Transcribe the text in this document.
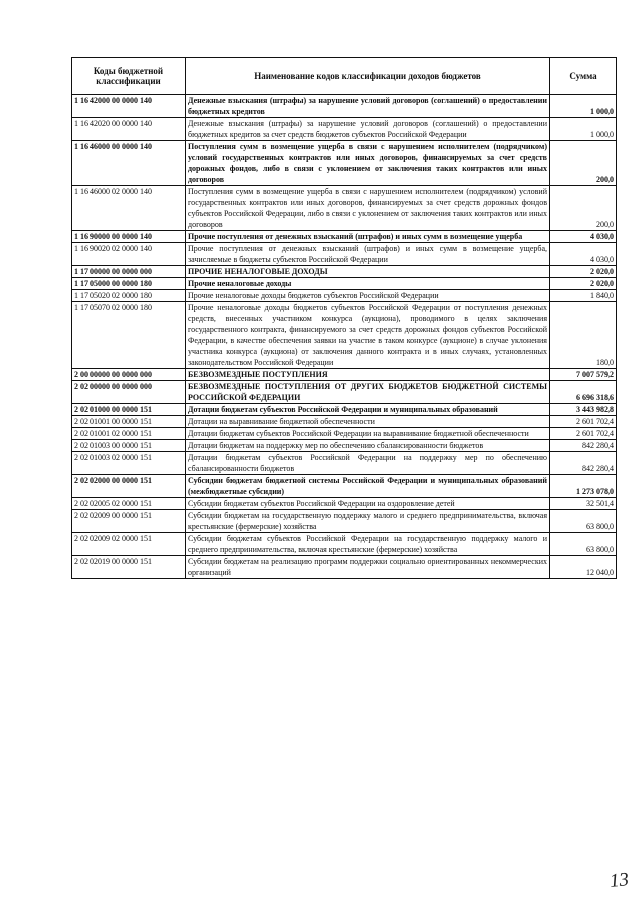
Коды бюджетной классификации	Наименование кодов классификации доходов бюджетов	Сумма
1 16 42000 00 0000 140	Денежные взыскания (штрафы) за нарушение условий договоров (соглашений) о предоставлении бюджетных кредитов	1 000,0
1 16 42020 00 0000 140	Денежные взыскания (штрафы) за нарушение условий договоров (соглашений) о предоставлении бюджетных кредитов за счет средств бюджетов субъектов Российской Федерации	1 000,0
1 16 46000 00 0000 140	Поступления сумм в возмещение ущерба в связи с нарушением исполнителем (подрядчиком) условий государственных контрактов или иных договоров, финансируемых за счет средств дорожных фондов, либо в связи с уклонением от заключения таких контрактов или иных договоров	200,0
1 16 46000 02 0000 140	Поступления сумм в возмещение ущерба в связи с нарушением исполнителем (подрядчиком) условий государственных контрактов или иных договоров, финансируемых за счет средств дорожных фондов субъектов Российской Федерации, либо в связи с уклонением от заключения таких контрактов или иных договоров	200,0
1 16 90000 00 0000 140	Прочие поступления от денежных взысканий (штрафов) и иных сумм в возмещение ущерба	4 030,0
1 16 90020 02 0000 140	Прочие поступления от денежных взысканий (штрафов) и иных сумм в возмещение ущерба, зачисляемые в бюджеты субъектов Российской Федерации	4 030,0
1 17 00000 00 0000 000	ПРОЧИЕ НЕНАЛОГОВЫЕ ДОХОДЫ	2 020,0
1 17 05000 00 0000 180	Прочие неналоговые доходы	2 020,0
1 17 05020 02 0000 180	Прочие неналоговые доходы бюджетов субъектов Российской Федерации	1 840,0
1 17 05070 02 0000 180	Прочие неналоговые доходы бюджетов субъектов Российской Федерации от поступления денежных средств, внесенных участником конкурса (аукциона), проводимого в целях заключения государственного контракта, финансируемого за счет средств дорожных фондов субъектов Российской Федерации, в качестве обеспечения заявки на участие в таком конкурсе (аукционе) в случае уклонения участника конкурса (аукциона) от заключения данного контракта и в иных случаях, установленных законодательством Российской Федерации	180,0
2 00 00000 00 0000 000	БЕЗВОЗМЕЗДНЫЕ ПОСТУПЛЕНИЯ	7 007 579,2
2 02 00000 00 0000 000	БЕЗВОЗМЕЗДНЫЕ ПОСТУПЛЕНИЯ ОТ ДРУГИХ БЮДЖЕТОВ БЮДЖЕТНОЙ СИСТЕМЫ РОССИЙСКОЙ ФЕДЕРАЦИИ	6 696 318,6
2 02 01000 00 0000 151	Дотации бюджетам субъектов Российской Федерации и муниципальных образований	3 443 982,8
2 02 01001 00 0000 151	Дотации на выравнивание бюджетной обеспеченности	2 601 702,4
2 02 01001 02 0000 151	Дотации бюджетам субъектов Российской Федерации на выравнивание бюджетной обеспеченности	2 601 702,4
2 02 01003 00 0000 151	Дотации бюджетам на поддержку мер по обеспечению сбалансированности бюджетов	842 280,4
2 02 01003 02 0000 151	Дотации бюджетам субъектов Российской Федерации на поддержку мер по обеспечению сбалансированности бюджетов	842 280,4
2 02 02000 00 0000 151	Субсидии бюджетам бюджетной системы Российской Федерации и муниципальных образований (межбюджетные субсидии)	1 273 078,0
2 02 02005 02 0000 151	Субсидии бюджетам субъектов Российской Федерации на оздоровление детей	32 501,4
2 02 02009 00 0000 151	Субсидии бюджетам на государственную поддержку малого и среднего предпринимательства, включая крестьянские (фермерские) хозяйства	63 800,0
2 02 02009 02 0000 151	Субсидии бюджетам субъектов Российской Федерации на государственную поддержку малого и среднего предпринимательства, включая крестьянские (фермерские) хозяйства	63 800,0
2 02 02019 00 0000 151	Субсидии бюджетам на реализацию программ поддержки социально ориентированных некоммерческих организаций	12 040,0
13
